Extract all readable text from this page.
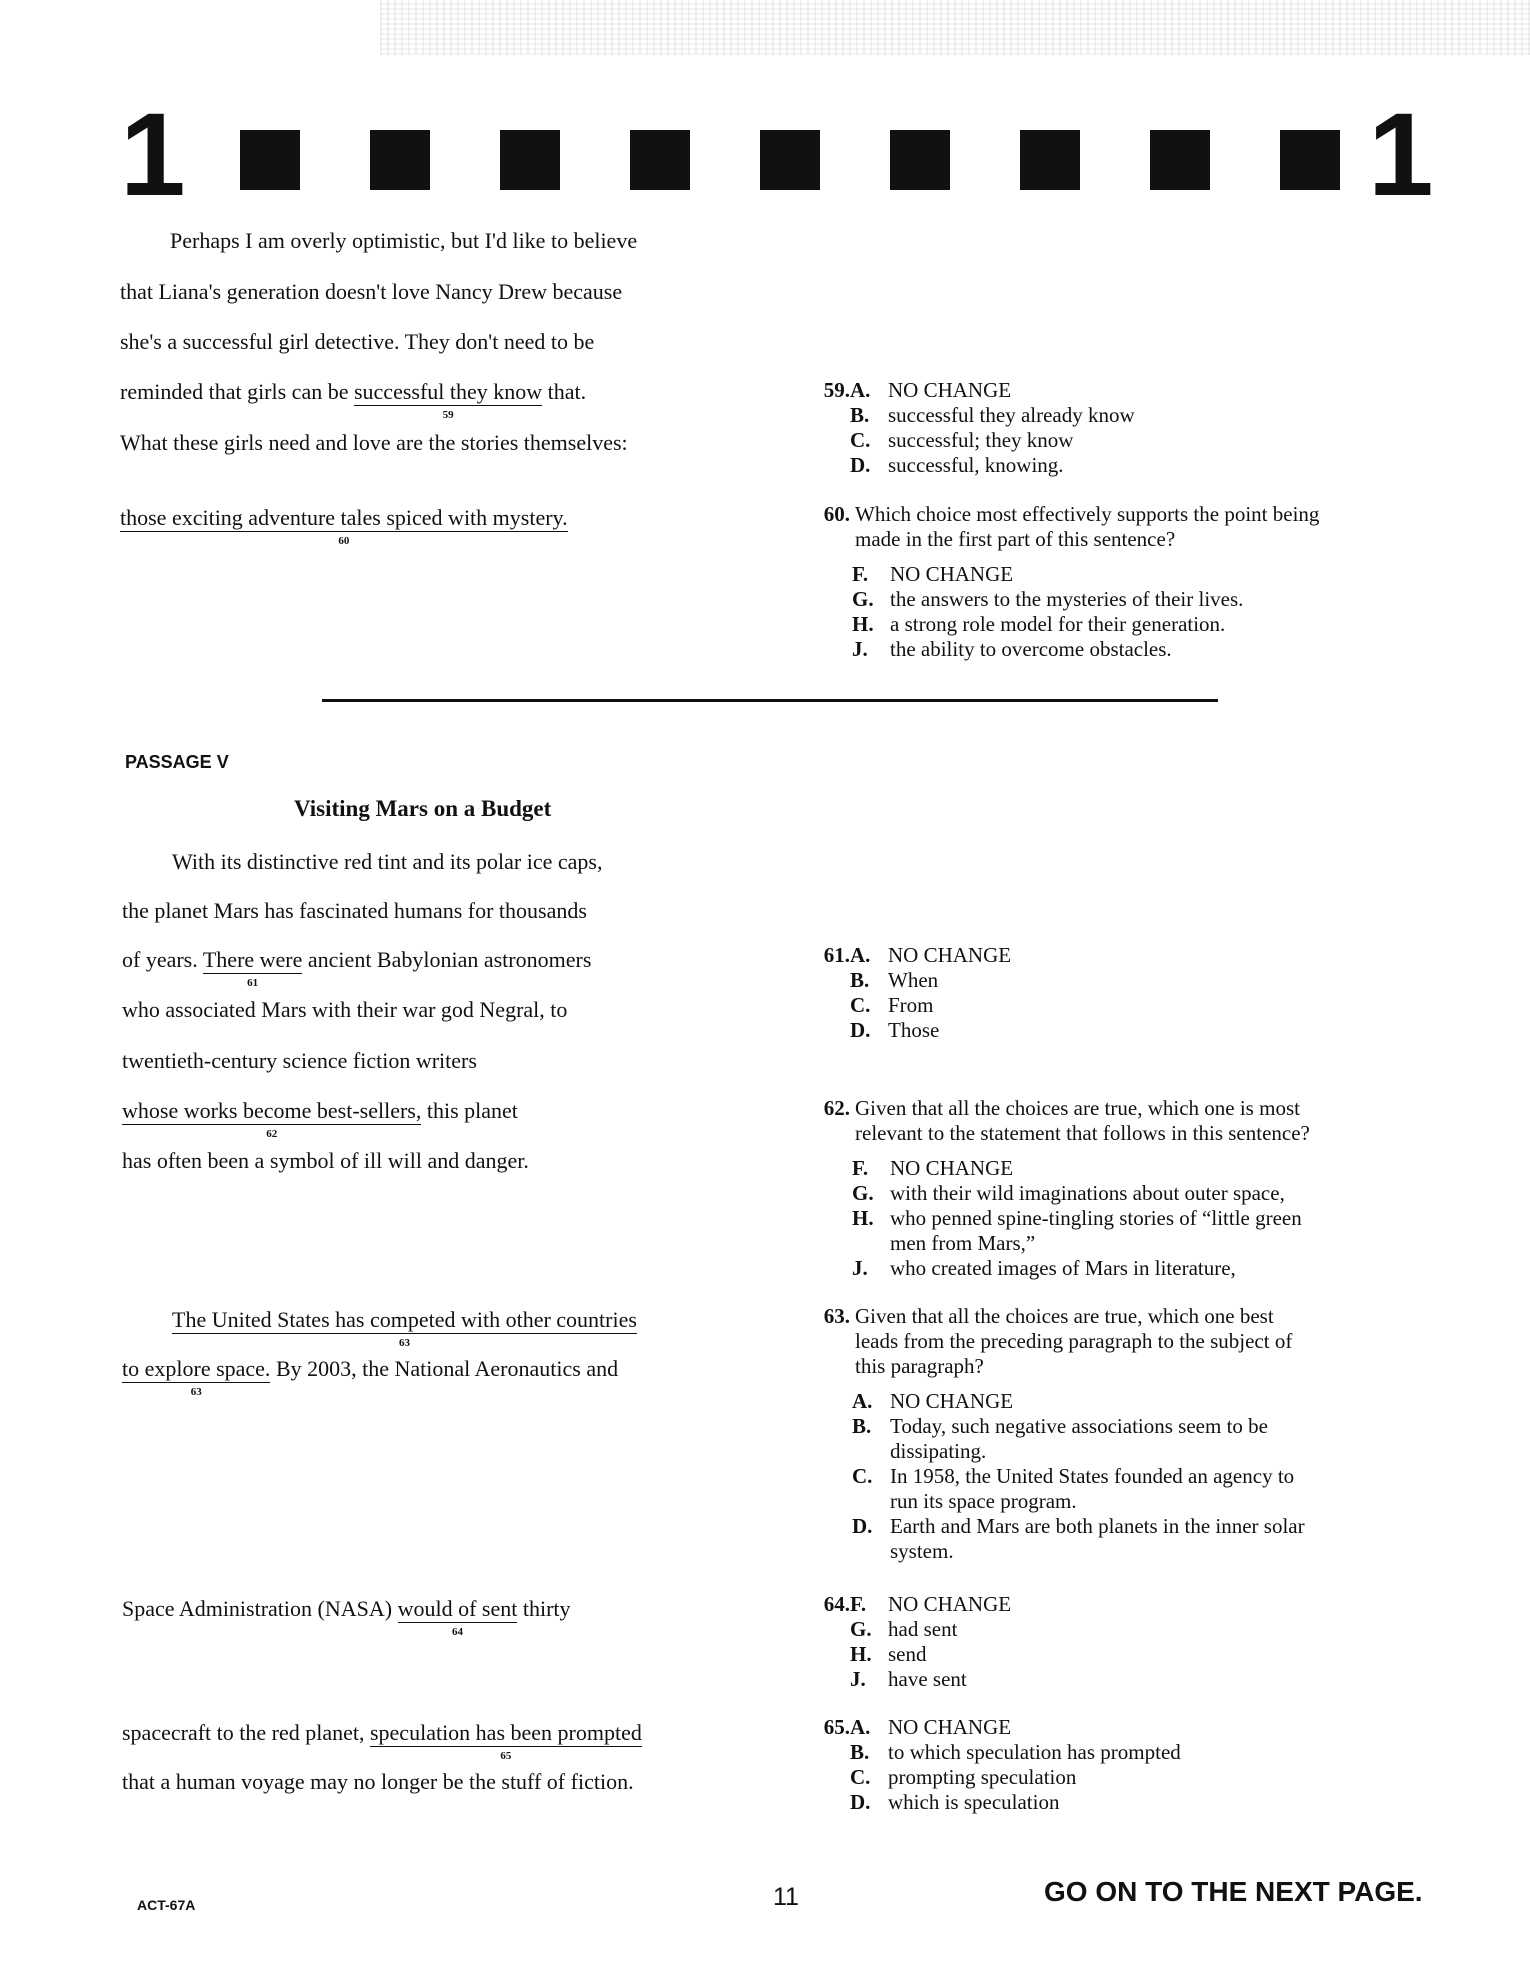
1	1
Perhaps I am overly optimistic, but I'd like to believe
that Liana's generation doesn't love Nancy Drew because
she's a successful girl detective. They don't need to be
reminded that girls can be successful they know
59
that.
What these girls need and love are the stories themselves:
those exciting adventure tales spiced with mystery.
60
PASSAGE V
Visiting Mars on a Budget
With its distinctive red tint and its polar ice caps,
the planet Mars has fascinated humans for thousands
of years. There were
61
ancient Babylonian astronomers
who associated Mars with their war god Negral, to
twentieth-century science fiction writers
whose works become best-sellers,
62
this planet
has often been a symbol of ill will and danger.
The United States has competed with other countries
63
to explore space.
63
By 2003, the National Aeronautics and
Space Administration (NASA) would of sent
64
thirty
spacecraft to the red planet, speculation has been prompted
65
that a human voyage may no longer be the stuff of fiction.
59. A. NO CHANGE
B. successful they already know
C. successful; they know
D. successful, knowing.
60. Which choice most effectively supports the point being
made in the first part of this sentence?
F. NO CHANGE
G. the answers to the mysteries of their lives.
H. a strong role model for their generation.
J. the ability to overcome obstacles.
61. A. NO CHANGE
B. When
C. From
D. Those
62. Given that all the choices are true, which one is most
relevant to the statement that follows in this sentence?
F. NO CHANGE
G. with their wild imaginations about outer space,
H. who penned spine-tingling stories of “little green
men from Mars,”
J. who created images of Mars in literature,
63. Given that all the choices are true, which one best
leads from the preceding paragraph to the subject of
this paragraph?
A. NO CHANGE
B. Today, such negative associations seem to be
dissipating.
C. In 1958, the United States founded an agency to
run its space program.
D. Earth and Mars are both planets in the inner solar
system.
64. F. NO CHANGE
G. had sent
H. send
J. have sent
65. A. NO CHANGE
B. to which speculation has prompted
C. prompting speculation
D. which is speculation
ACT-67A	11	GO ON TO THE NEXT PAGE.
